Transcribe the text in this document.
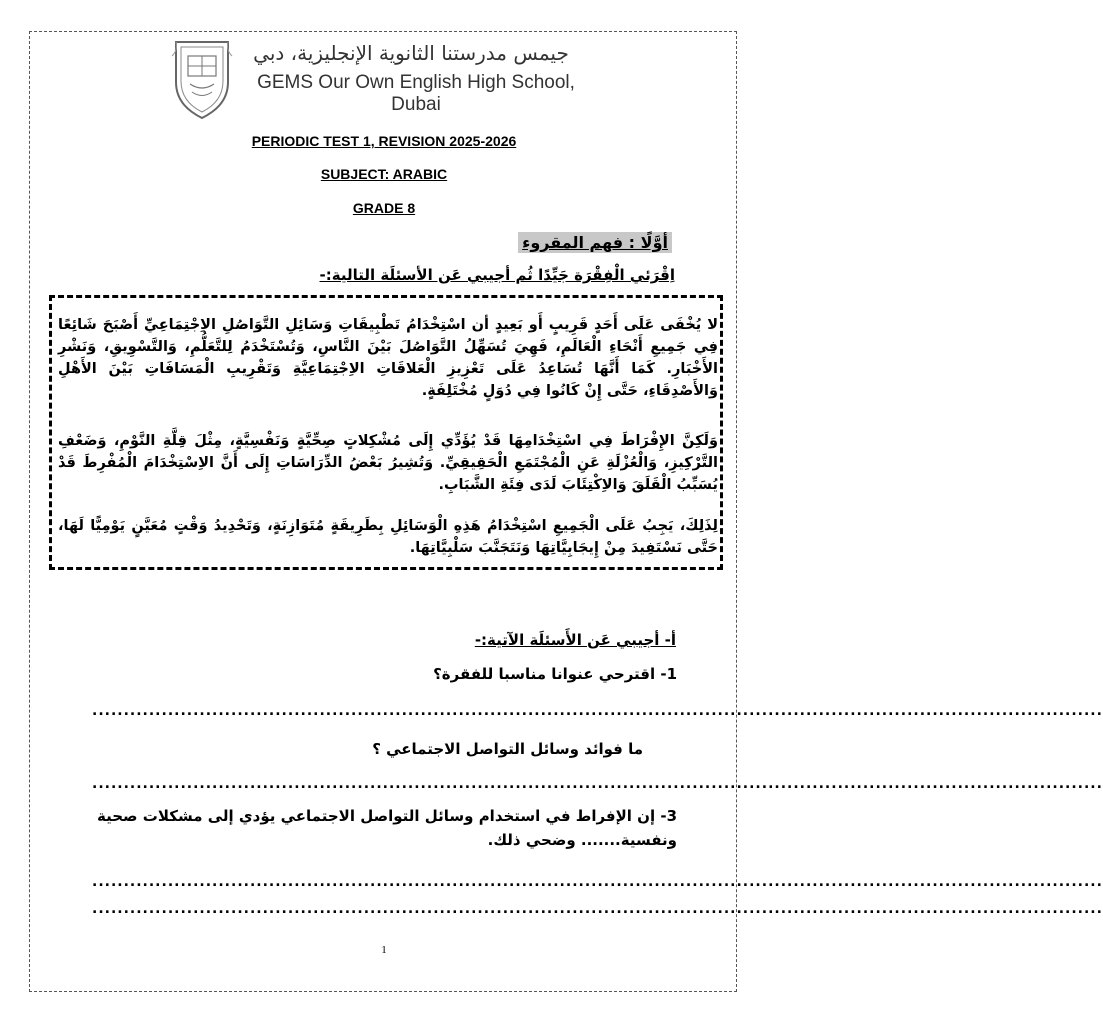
جيمس مدرستنا الثانوية الإنجليزية، دبي
GEMS Our Own English High School, Dubai
PERIODIC TEST 1, REVISION 2025-2026
SUBJECT: ARABIC
GRADE 8
أوَّلًا : فهم المقروء
اِقْرَئي الْفِقْرَة جَيِّدًا ثُم أجيبي عَن الأسئلَة التالية:-
لا يُخْفَى عَلَى أَحَدٍ قَرِيبٍ أَو بَعِيدٍ أن اسْتِخْدَامُ تَطْبِيقَاتِ وَسَائِلِ التَّوَاصُلِ الاِجْتِمَاعِيِّ أَصْبَحَ شَائِعًا فِي جَمِيعِ أَنْحَاءِ الْعَالَمِ، فَهِيَ تُسَهِّلُ التَّوَاصُلَ بَيْنَ النَّاسِ، وَتُسْتَخْدَمُ لِلتَّعَلُّمِ، وَالتَّسْوِيقِ، وَنَشْرِ الأَخْبَارِ. كَمَا أَنَّهَا تُسَاعِدُ عَلَى تَعْزِيزِ الْعَلاقَاتِ الاِجْتِمَاعِيَّةِ وَتَقْرِيبِ الْمَسَافَاتِ بَيْنَ الأَهْلِ وَالأَصْدِقَاءِ، حَتَّى إِنْ كَانُوا فِي دُوَلٍ مُخْتَلِفَةٍ.
وَلَكِنَّ الإِفْرَاطَ فِي اسْتِخْدَامِهَا قَدْ يُؤَدِّي إِلَى مُشْكِلاتٍ صِحِّيَّةٍ وَنَفْسِيَّةٍ، مِثْلَ قِلَّةِ النَّوْمِ، وَضَعْفِ التَّرْكِيزِ، وَالْعُزْلَةِ عَنِ الْمُجْتَمَعِ الْحَقِيقِيِّ. وَتُشِيرُ بَعْضُ الدِّرَاسَاتِ إِلَى أَنَّ الاِسْتِخْدَامَ الْمُفْرِطَ قَدْ يُسَبِّبُ الْقَلَقَ وَالاِكْتِئَابَ لَدَى فِئَةِ الشَّبَابِ.
لِذَلِكَ، يَجِبُ عَلَى الْجَمِيعِ اسْتِخْدَامُ هَذِهِ الْوَسَائِلِ بِطَرِيقَةٍ مُتَوَازِنَةٍ، وَتَحْدِيدُ وَقْتٍ مُعَيَّنٍ يَوْمِيًّا لَهَا، حَتَّى نَسْتَفِيدَ مِنْ إِيجَابِيَّاتِهَا وَنَتَجَنَّبَ سَلْبِيَّاتِهَا.
أ- أجيبي عَن الأَسئلَة الآتية:-
1- اقترحي عنوانا مناسبا للفقرة؟
................................................................................................................................................................
ما فوائد وسائل التواصل الاجتماعي ؟
................................................................................................................................................................
3- إن الإفراط في استخدام وسائل التواصل الاجتماعي يؤدي إلى مشكلات صحية
ونفسية....... وضحي ذلك.
................................................................................................................................................................
................................................................................................................................................................
1
